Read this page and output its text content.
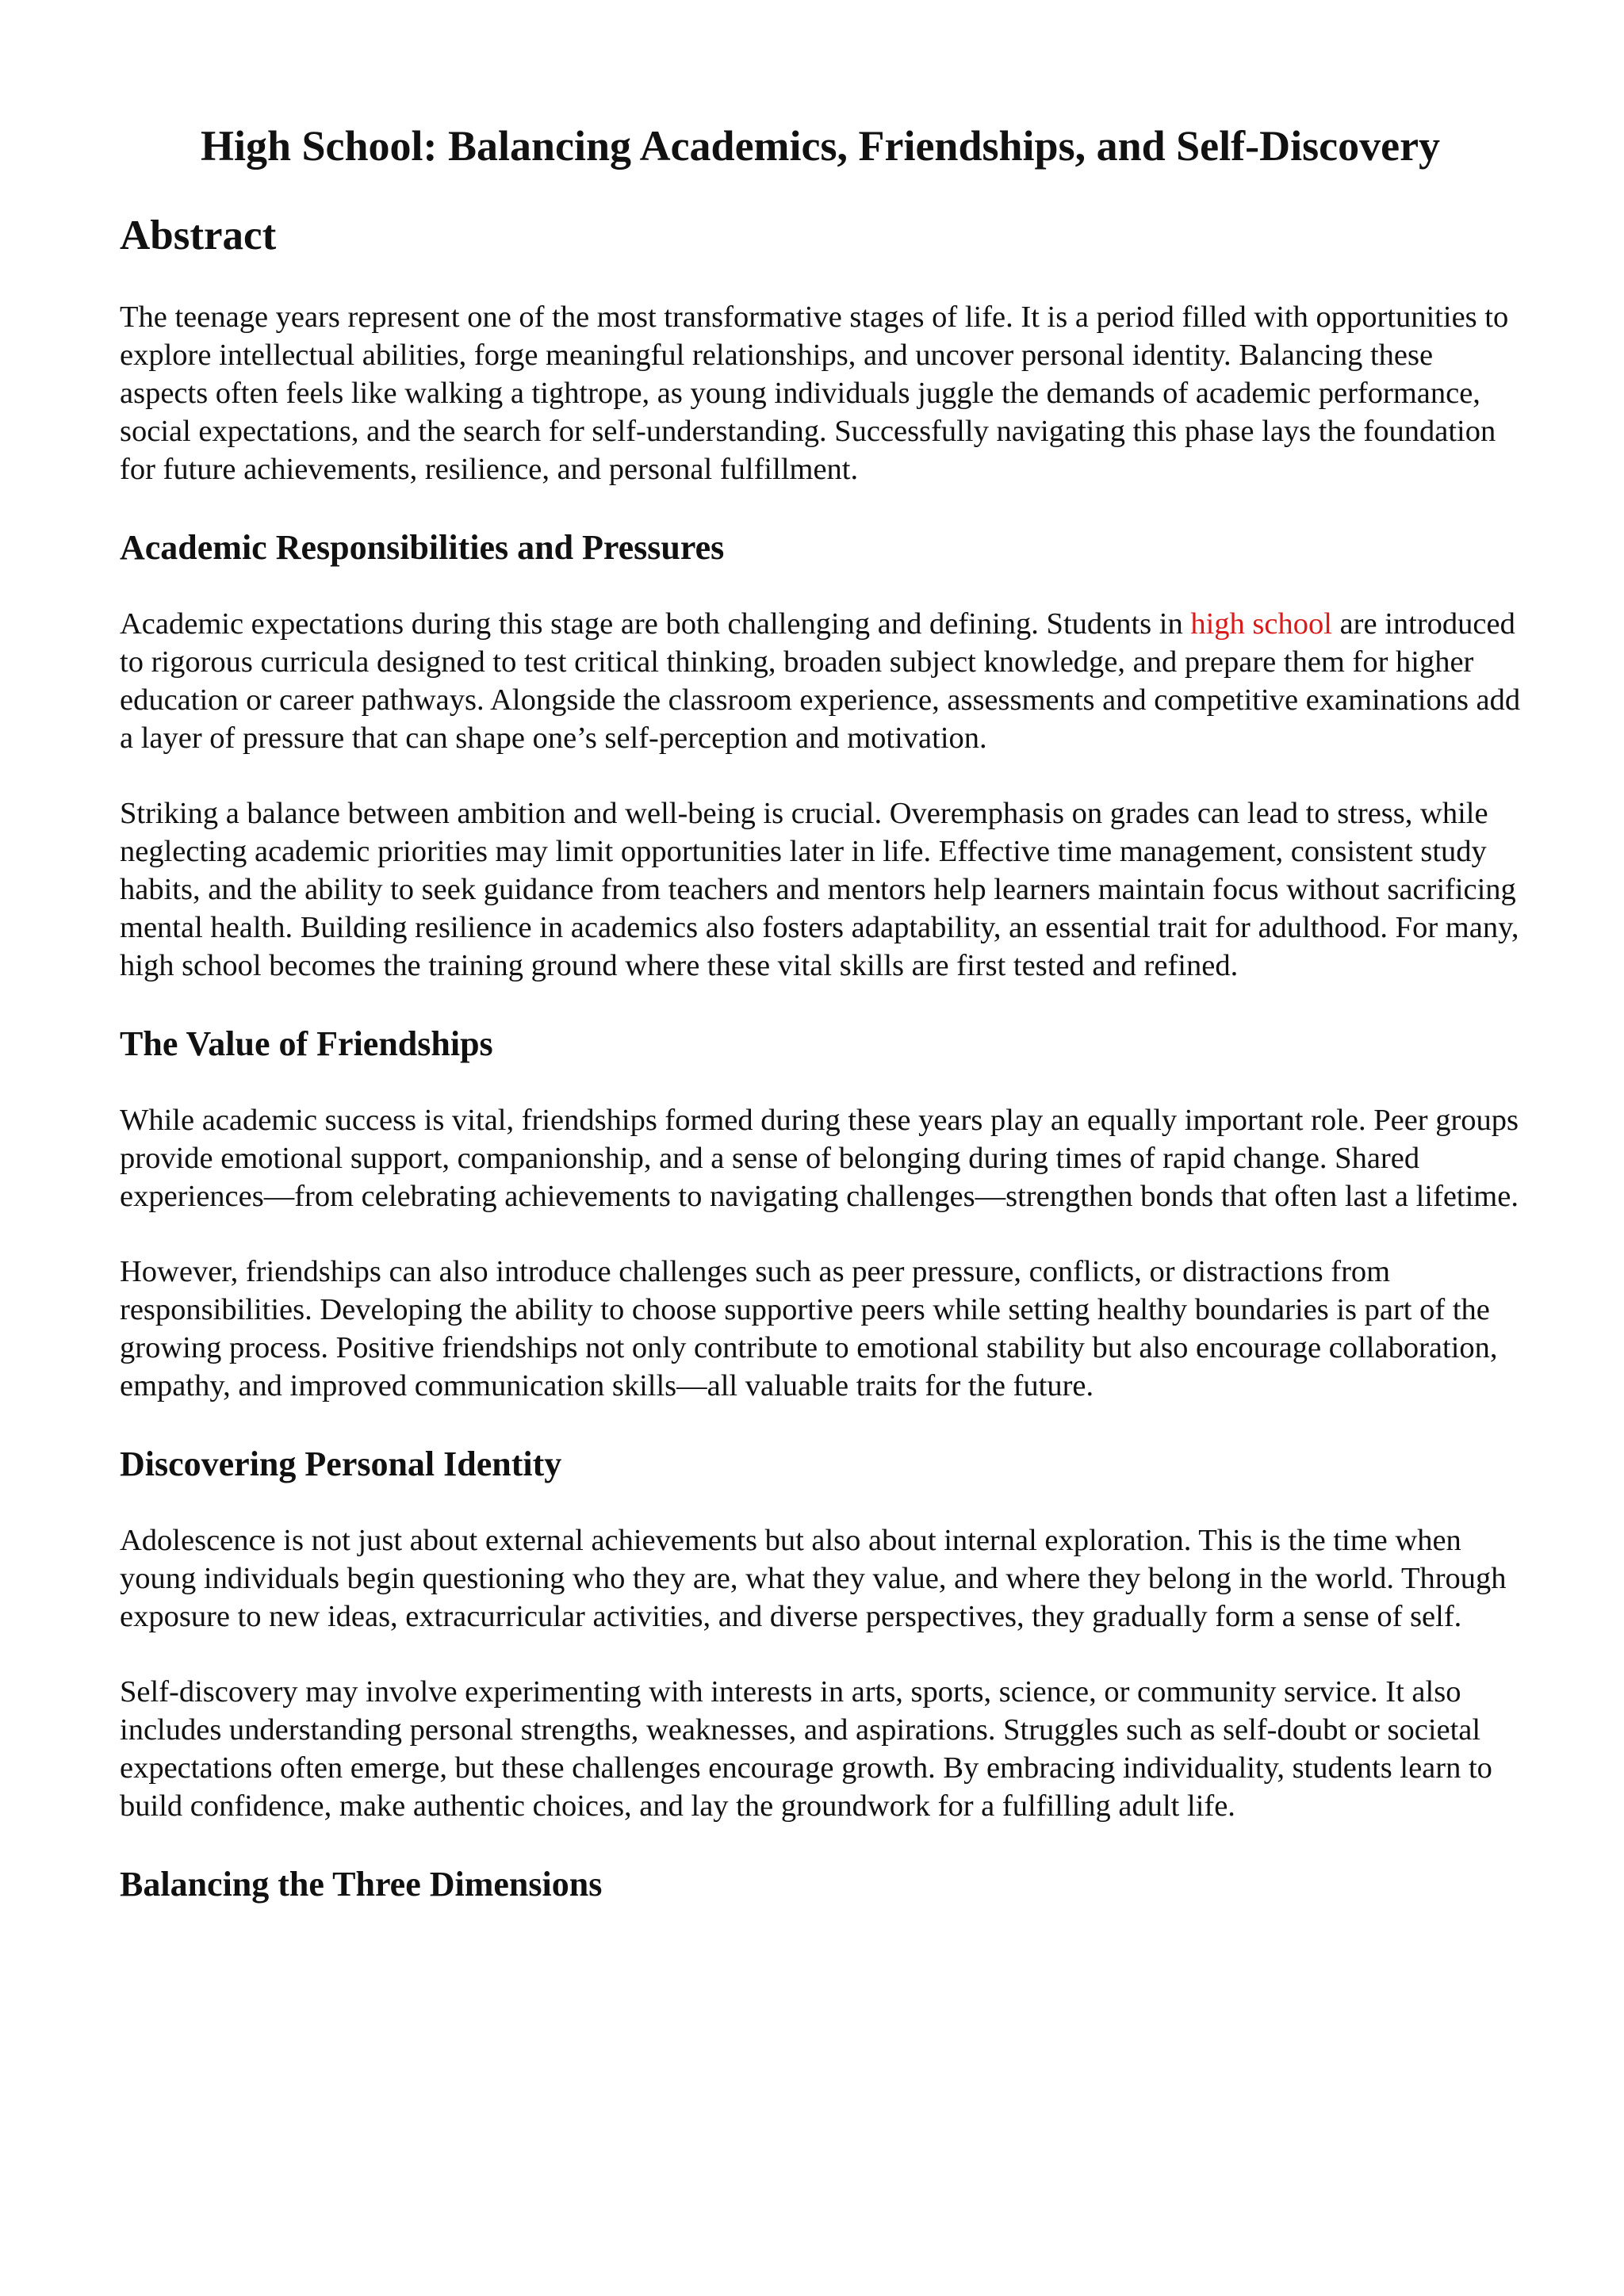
High School: Balancing Academics, Friendships, and Self-Discovery
Abstract

The teenage years represent one of the most transformative stages of life. It is a period filled with opportunities to explore intellectual abilities, forge meaningful relationships, and uncover personal identity. Balancing these aspects often feels like walking a tightrope, as young individuals juggle the demands of academic performance, social expectations, and the search for self-understanding. Successfully navigating this phase lays the foundation for future achievements, resilience, and personal fulfillment.

Academic Responsibilities and Pressures

Academic expectations during this stage are both challenging and defining. Students in high school are introduced to rigorous curricula designed to test critical thinking, broaden subject knowledge, and prepare them for higher education or career pathways. Alongside the classroom experience, assessments and competitive examinations add a layer of pressure that can shape one’s self-perception and motivation.

Striking a balance between ambition and well-being is crucial. Overemphasis on grades can lead to stress, while neglecting academic priorities may limit opportunities later in life. Effective time management, consistent study habits, and the ability to seek guidance from teachers and mentors help learners maintain focus without sacrificing mental health. Building resilience in academics also fosters adaptability, an essential trait for adulthood. For many, high school becomes the training ground where these vital skills are first tested and refined.

The Value of Friendships

While academic success is vital, friendships formed during these years play an equally important role. Peer groups provide emotional support, companionship, and a sense of belonging during times of rapid change. Shared experiences—from celebrating achievements to navigating challenges—strengthen bonds that often last a lifetime.

However, friendships can also introduce challenges such as peer pressure, conflicts, or distractions from responsibilities. Developing the ability to choose supportive peers while setting healthy boundaries is part of the growing process. Positive friendships not only contribute to emotional stability but also encourage collaboration, empathy, and improved communication skills—all valuable traits for the future.

Discovering Personal Identity

Adolescence is not just about external achievements but also about internal exploration. This is the time when young individuals begin questioning who they are, what they value, and where they belong in the world. Through exposure to new ideas, extracurricular activities, and diverse perspectives, they gradually form a sense of self.

Self-discovery may involve experimenting with interests in arts, sports, science, or community service. It also includes understanding personal strengths, weaknesses, and aspirations. Struggles such as self-doubt or societal expectations often emerge, but these challenges encourage growth. By embracing individuality, students learn to build confidence, make authentic choices, and lay the groundwork for a fulfilling adult life.

Balancing the Three Dimensions
